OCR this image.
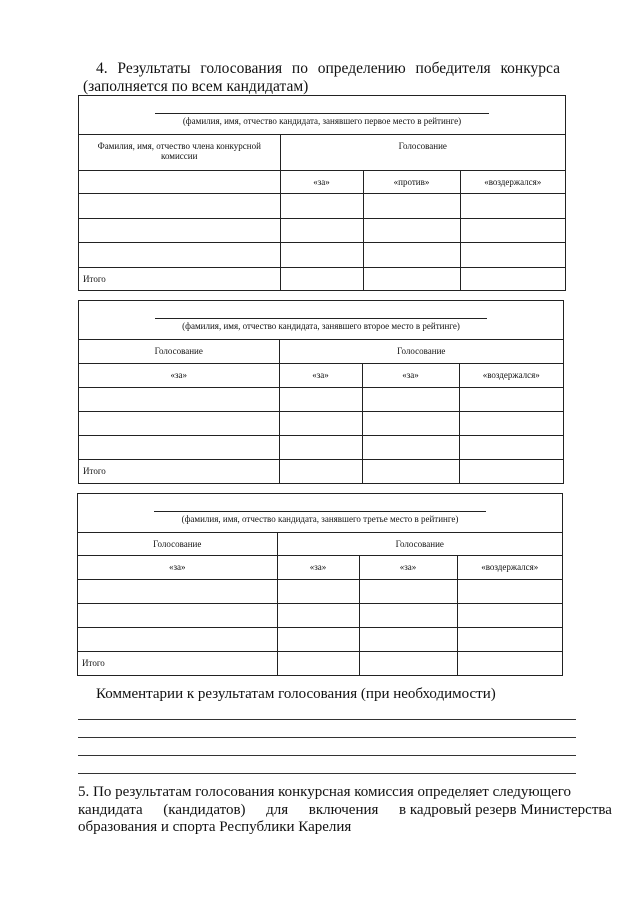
4. Результаты голосования по определению победителя конкурса
(заполняется по всем кандидатам)
(фамилия, имя, отчество кандидата, занявшего первое место в рейтинге)
Фамилия, имя, отчество члена конкурсной комиссии	Голосование		
	«за»	«против»	«воздержался»

Итого			
(фамилия, имя, отчество кандидата, занявшего второе место в рейтинге)
Голосование	Голосование		
«за»	«за»	«за»	«воздержался»

Итого			
(фамилия, имя, отчество кандидата, занявшего третье место в рейтинге)
Голосование	Голосование		
«за»	«за»	«за»	«воздержался»

Итого			
Комментарии к результатам голосования (при необходимости)
5. По результатам голосования конкурсная комиссия определяет следующего
кандидата (кандидатов) для включения в кадровый резерв Министерства
образования и спорта Республики Карелия
